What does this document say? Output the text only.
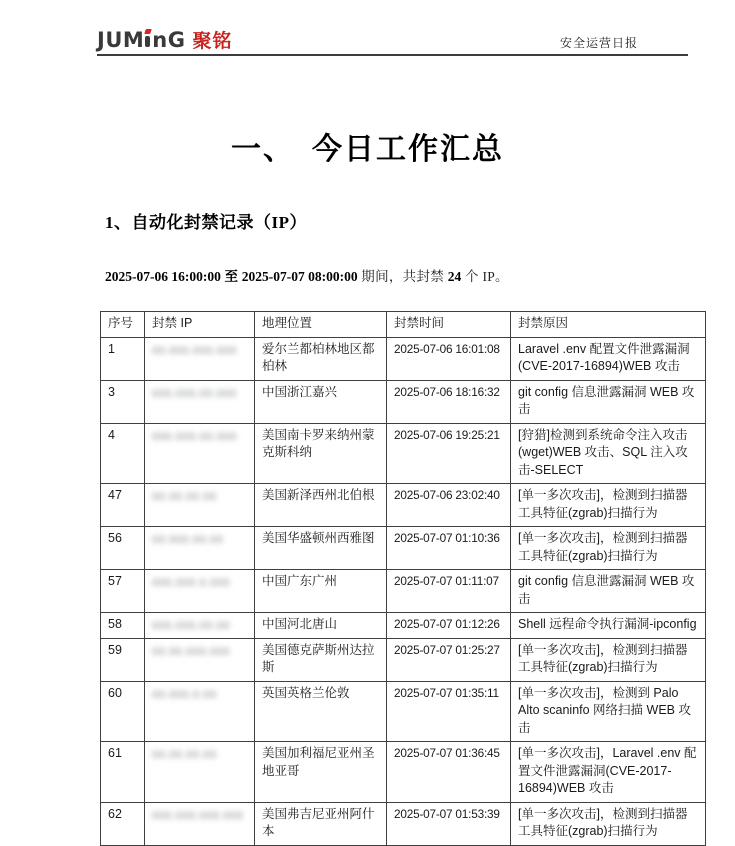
JUM nG 聚铭	安全运营日报
一、　今日工作汇总
1、自动化封禁记录（IP）

2025-07-06 16:00:00 至 2025-07-07 08:00:00 期间，共封禁 24 个 IP。

序号	封禁 IP	地理位置	封禁时间	封禁原因
1	00.000.000.000	爱尔兰都柏林地区都柏林	2025-07-06 16:01:08	Laravel .env 配置文件泄露漏洞(CVE-2017-16894)WEB 攻击
3	000.000.00.000	中国浙江嘉兴	2025-07-06 18:16:32	git config 信息泄露漏洞 WEB 攻击
4	000.000.00.000	美国南卡罗来纳州蒙克斯科纳	2025-07-06 19:25:21	[狩猎]检测到系统命令注入攻击(wget)WEB 攻击、SQL 注入攻击-SELECT
47	00.00.00.00	美国新泽西州北伯根	2025-07-06 23:02:40	[单一多次攻击]，检测到扫描器工具特征(zgrab)扫描行为
56	00.000.00.00	美国华盛顿州西雅图	2025-07-07 01:10:36	[单一多次攻击]，检测到扫描器工具特征(zgrab)扫描行为
57	000.000.0.000	中国广东广州	2025-07-07 01:11:07	git config 信息泄露漏洞 WEB 攻击
58	000.000.00.00	中国河北唐山	2025-07-07 01:12:26	Shell 远程命令执行漏洞-ipconfig
59	00.00.000.000	美国德克萨斯州达拉斯	2025-07-07 01:25:27	[单一多次攻击]，检测到扫描器工具特征(zgrab)扫描行为
60	00.000.0.00	英国英格兰伦敦	2025-07-07 01:35:11	[单一多次攻击]，检测到 Palo Alto scaninfo 网络扫描 WEB 攻击
61	00.00.00.00	美国加利福尼亚州圣地亚哥	2025-07-07 01:36:45	[单一多次攻击]，Laravel .env 配置文件泄露漏洞(CVE-2017-16894)WEB 攻击
62	000.000.000.000	美国弗吉尼亚州阿什本	2025-07-07 01:53:39	[单一多次攻击]，检测到扫描器工具特征(zgrab)扫描行为
